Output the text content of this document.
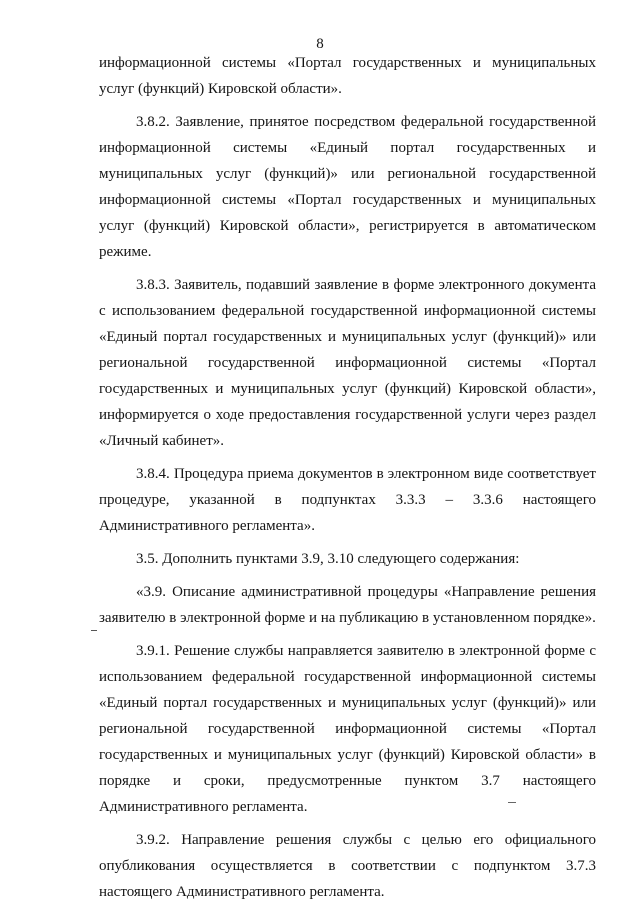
8

информационной системы «Портал государственных и муниципальных услуг (функций) Кировской области».

3.8.2. Заявление, принятое посредством федеральной государственной информационной системы «Единый портал государственных и муниципальных услуг (функций)» или региональной государственной информационной системы «Портал государственных и муниципальных услуг (функций) Кировской области», регистрируется в автоматическом режиме.

3.8.3. Заявитель, подавший заявление в форме электронного документа с использованием федеральной государственной информационной системы «Единый портал государственных и муниципальных услуг (функций)» или региональной государственной информационной системы «Портал государственных и муниципальных услуг (функций) Кировской области», информируется о ходе предоставления государственной услуги через раздел «Личный кабинет».

3.8.4. Процедура приема документов в электронном виде соответствует процедуре, указанной в подпунктах 3.3.3 – 3.3.6 настоящего Административного регламента».

3.5. Дополнить пунктами 3.9, 3.10 следующего содержания:

«3.9. Описание административной процедуры «Направление решения заявителю в электронной форме и на публикацию в установленном порядке».

3.9.1. Решение службы направляется заявителю в электронной форме с использованием федеральной государственной информационной системы «Единый портал государственных и муниципальных услуг (функций)» или региональной государственной информационной системы «Портал государственных и муниципальных услуг (функций) Кировской области» в порядке и сроки, предусмотренные пунктом 3.7 настоящего Административного регламента.

3.9.2. Направление решения службы с целью его официального опубликования осуществляется в соответствии с подпунктом 3.7.3 настоящего Административного регламента.
